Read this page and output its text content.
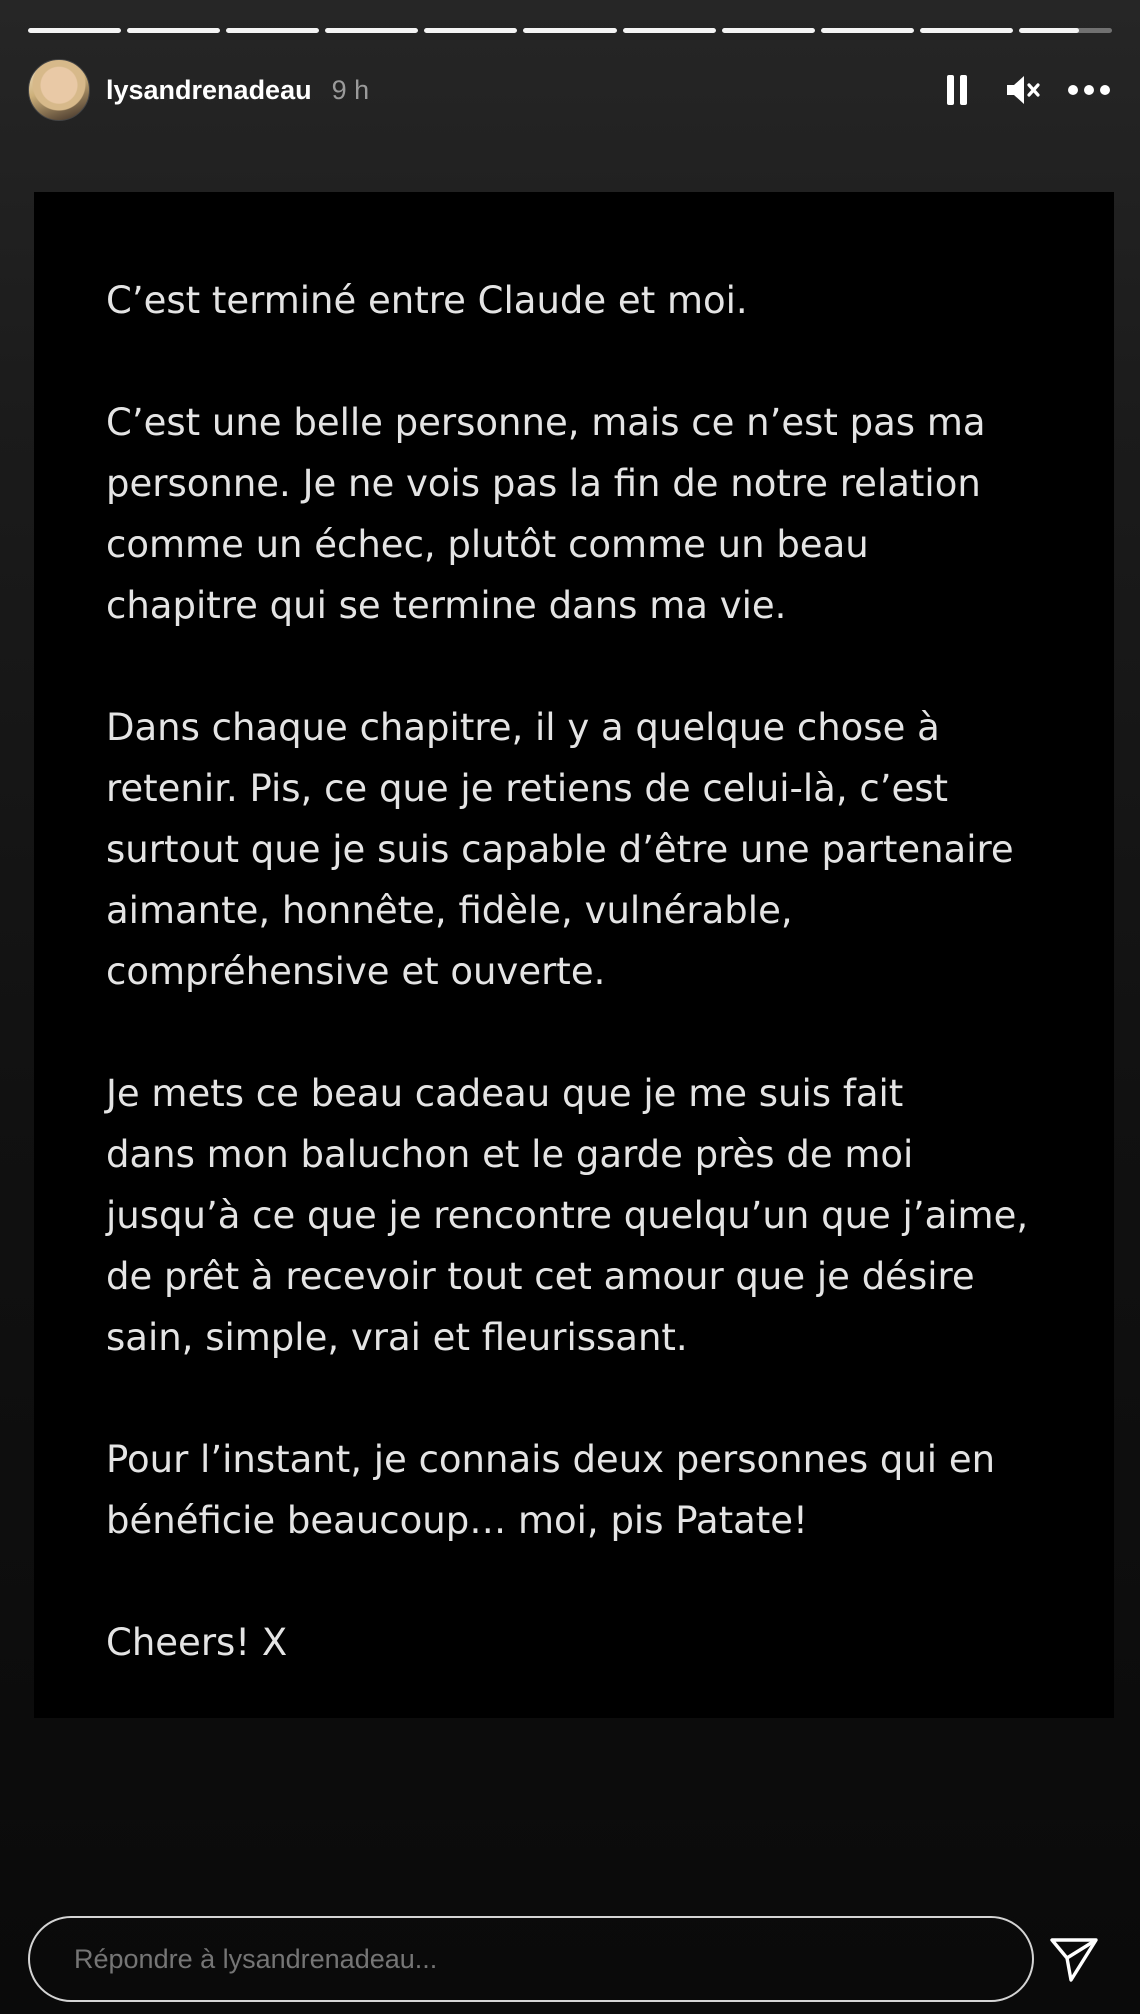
lysandrenadeau 9 h
C’est terminé entre Claude et moi.
C’est une belle personne, mais ce n’est pas ma
personne. Je ne vois pas la fin de notre relation
comme un échec, plutôt comme un beau
chapitre qui se termine dans ma vie.
Dans chaque chapitre, il y a quelque chose à
retenir. Pis, ce que je retiens de celui-là, c’est
surtout que je suis capable d’être une partenaire
aimante, honnête, fidèle, vulnérable,
compréhensive et ouverte.
Je mets ce beau cadeau que je me suis fait
dans mon baluchon et le garde près de moi
jusqu’à ce que je rencontre quelqu’un que j’aime,
de prêt à recevoir tout cet amour que je désire
sain, simple, vrai et fleurissant.
Pour l’instant, je connais deux personnes qui en
bénéficie beaucoup… moi, pis Patate!
Cheers! X
Répondre à lysandrenadeau...
